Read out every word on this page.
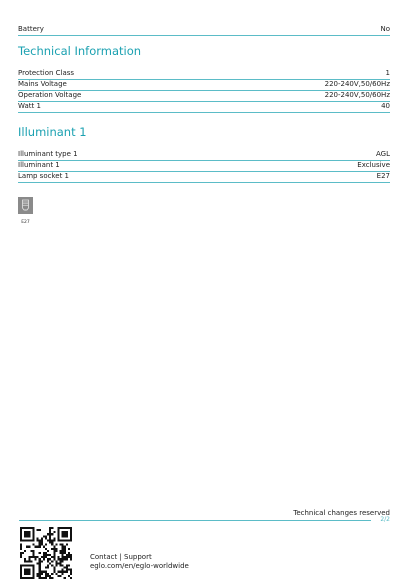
Battery	No
Technical Information
Protection Class	1
Mains Voltage	220-240V,50/60Hz
Operation Voltage	220-240V,50/60Hz
Watt 1	40
Illuminant 1
Illuminant type 1	AGL
Illuminant 1	Exclusive
Lamp socket 1	E27
E27
Technical changes reserved
2/2
Contact | Support
eglo.com/en/eglo-worldwide
